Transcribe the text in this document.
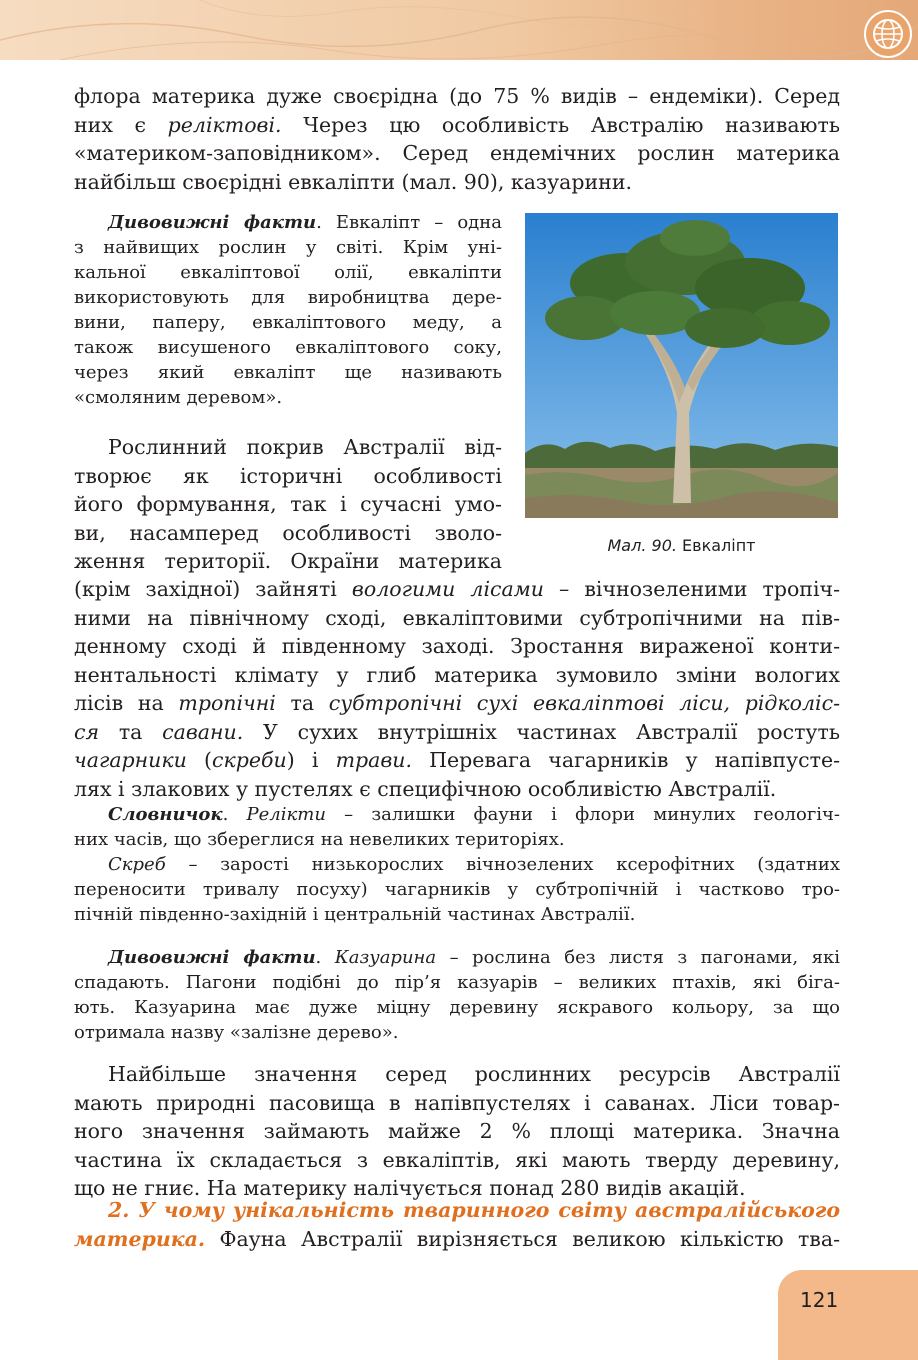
флора материка дуже своєрідна (до 75 % видів – ендеміки). Серед
них є реліктові. Через цю особливість Австралію називають
«материком-заповідником». Серед ендемічних рослин материка
найбільш своєрідні евкаліпти (мал. 90), казуарини.
Дивовижні факти. Евкаліпт – одна
з найвищих рослин у світі. Крім уні-
кальної евкаліптової олії, евкаліпти
використовують для виробництва дере-
вини, паперу, евкаліптового меду, а
також висушеного евкаліптового соку,
через який евкаліпт ще називають
«смоляним деревом».
Мал. 90. Евкаліпт
Рослинний покрив Австралії від-
творює як історичні особливості
його формування, так і сучасні умо-
ви, насамперед особливості зволо-
ження території. Окраїни материка
(крім західної) зайняті вологими лісами – вічнозеленими тропіч-
ними на північному сході, евкаліптовими субтропічними на пів-
денному сході й південному заході. Зростання вираженої конти-
нентальності клімату у глиб материка зумовило зміни вологих
лісів на тропічні та субтропічні сухі евкаліптові ліси, рідколіс-
ся та савани. У сухих внутрішніх частинах Австралії ростуть
чагарники (скреби) і трави. Перевага чагарників у напівпусте-
лях і злакових у пустелях є специфічною особливістю Австралії.
Словничок. Релікти – залишки фауни і флори минулих геологіч-
них часів, що збереглися на невеликих територіях.
Скреб – зарості низькорослих вічнозелених ксерофітних (здатних
переносити тривалу посуху) чагарників у субтропічній і частково тро-
пічній південно-західній і центральній частинах Австралії.
Дивовижні факти. Казуарина – рослина без листя з пагонами, які
спадають. Пагони подібні до пір’я казуарів – великих птахів, які біга-
ють. Казуарина має дуже міцну деревину яскравого кольору, за що
отримала назву «залізне дерево».
Найбільше значення серед рослинних ресурсів Австралії
мають природні пасовища в напівпустелях і саванах. Ліси товар-
ного значення займають майже 2 % площі материка. Значна
частина їх складається з евкаліптів, які мають тверду деревину,
що не гниє. На материку налічується понад 280 видів акацій.
2. У чому унікальність тваринного світу австралійського
материка. Фауна Австралії вирізняється великою кількістю тва-
121
